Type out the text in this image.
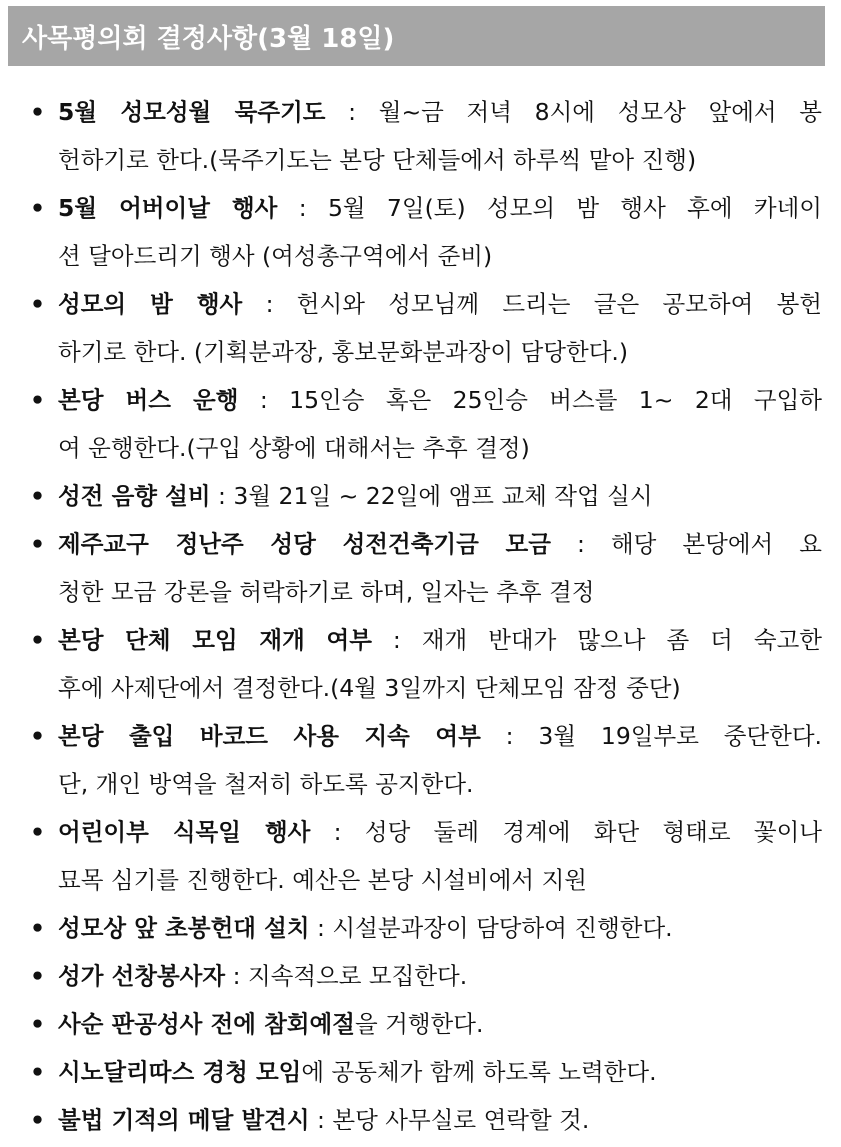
사목평의회 결정사항(3월 18일)
• 5월 성모성월 묵주기도 : 월~금 저녁 8시에 성모상 앞에서 봉
헌하기로 한다.(묵주기도는 본당 단체들에서 하루씩 맡아 진행)
• 5월 어버이날 행사 : 5월 7일(토) 성모의 밤 행사 후에 카네이
션 달아드리기 행사 (여성총구역에서 준비)
• 성모의 밤 행사 : 헌시와 성모님께 드리는 글은 공모하여 봉헌
하기로 한다. (기획분과장, 홍보문화분과장이 담당한다.)
• 본당 버스 운행 : 15인승 혹은 25인승 버스를 1~ 2대 구입하
여 운행한다.(구입 상황에 대해서는 추후 결정)
• 성전 음향 설비 : 3월 21일 ~ 22일에 앰프 교체 작업 실시
• 제주교구 정난주 성당 성전건축기금 모금 : 해당 본당에서 요
청한 모금 강론을 허락하기로 하며, 일자는 추후 결정
• 본당 단체 모임 재개 여부 : 재개 반대가 많으나 좀 더 숙고한
후에 사제단에서 결정한다.(4월 3일까지 단체모임 잠정 중단)
• 본당 출입 바코드 사용 지속 여부 : 3월 19일부로 중단한다.
단, 개인 방역을 철저히 하도록 공지한다.
• 어린이부 식목일 행사 : 성당 둘레 경계에 화단 형태로 꽃이나
묘목 심기를 진행한다. 예산은 본당 시설비에서 지원
• 성모상 앞 초봉헌대 설치 : 시설분과장이 담당하여 진행한다.
• 성가 선창봉사자 : 지속적으로 모집한다.
• 사순 판공성사 전에 참회예절을 거행한다.
• 시노달리따스 경청 모임에 공동체가 함께 하도록 노력한다.
• 불법 기적의 메달 발견시 : 본당 사무실로 연락할 것.
